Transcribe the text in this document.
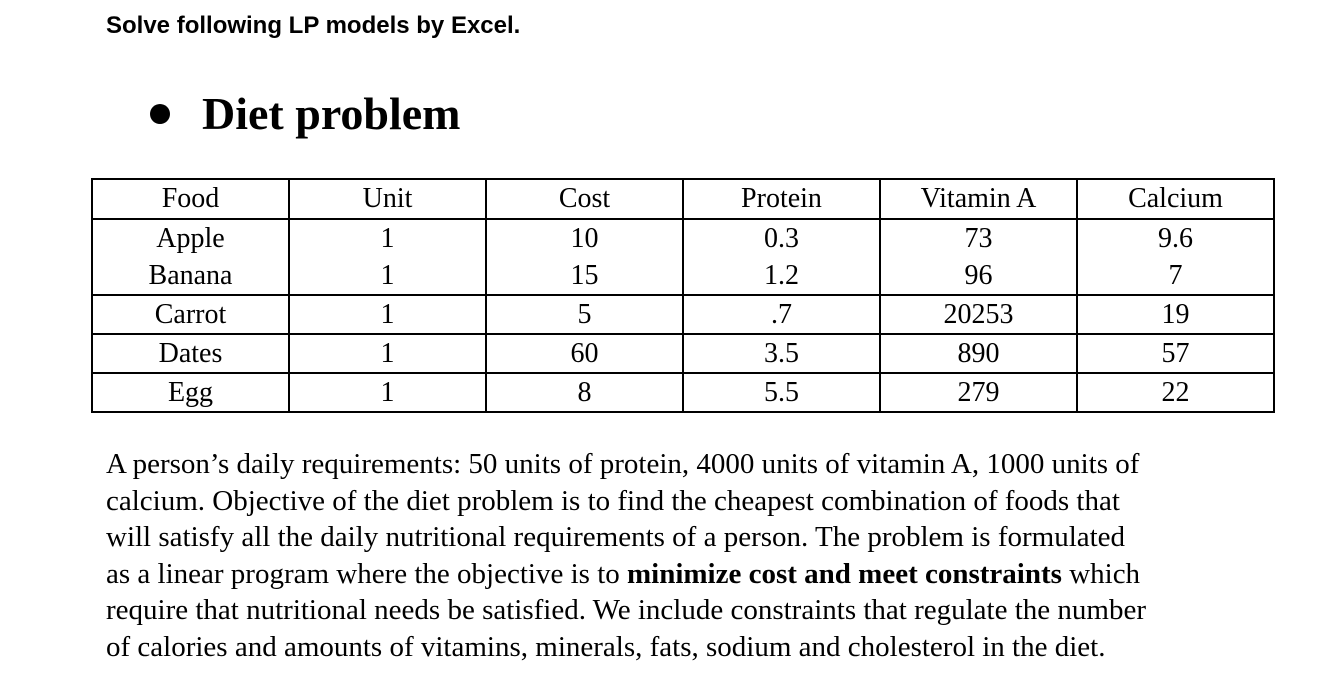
Solve following LP models by Excel.
Diet problem
Food	Unit	Cost	Protein	Vitamin A	Calcium
Apple	1	10	0.3	73	9.6
Banana	1	15	1.2	96	7
Carrot	1	5	.7	20253	19
Dates	1	60	3.5	890	57
Egg	1	8	5.5	279	22
A person’s daily requirements: 50 units of protein, 4000 units of vitamin A, 1000 units of
calcium. Objective of the diet problem is to find the cheapest combination of foods that
will satisfy all the daily nutritional requirements of a person. The problem is formulated
as a linear program where the objective is to minimize cost and meet constraints which
require that nutritional needs be satisfied. We include constraints that regulate the number
of calories and amounts of vitamins, minerals, fats, sodium and cholesterol in the diet.
